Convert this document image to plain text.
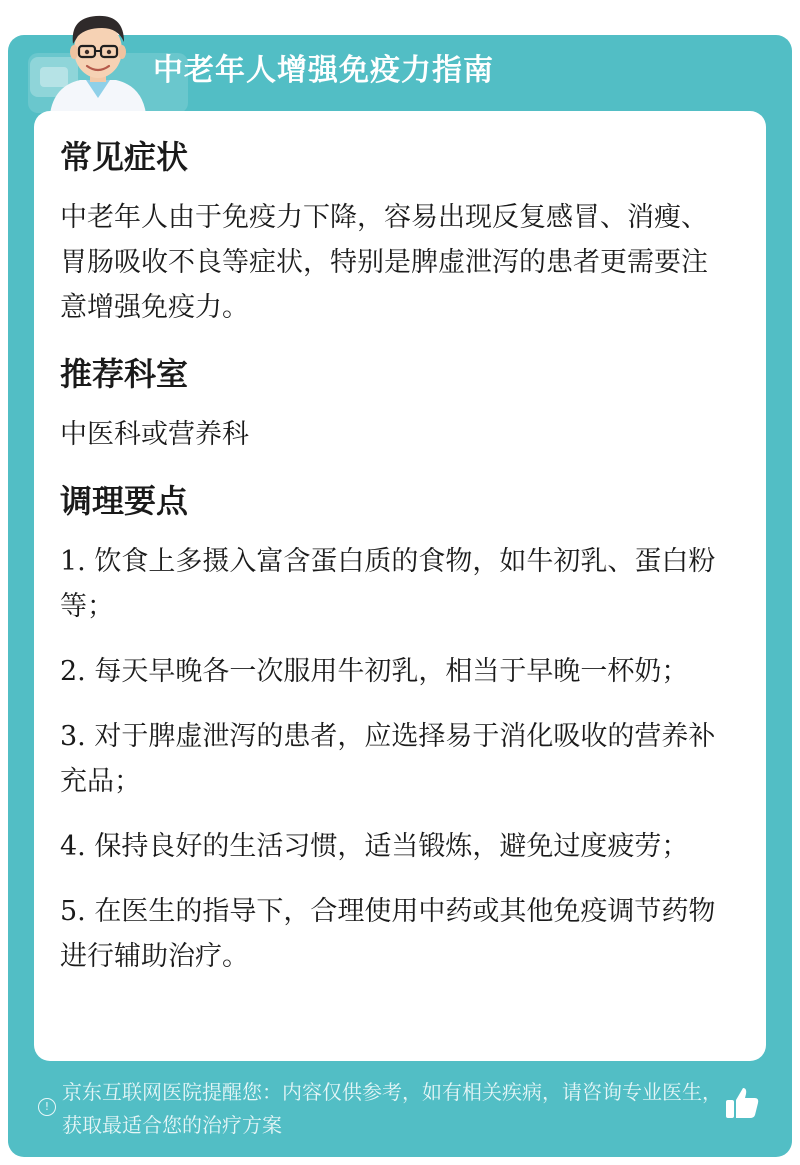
中老年人增强免疫力指南
常见症状
中老年人由于免疫力下降，容易出现反复感冒、消瘦、胃肠吸收不良等症状，特别是脾虚泄泻的患者更需要注意增强免疫力。
推荐科室
中医科或营养科
调理要点
1. 饮食上多摄入富含蛋白质的食物，如牛初乳、蛋白粉等；
2. 每天早晚各一次服用牛初乳，相当于早晚一杯奶；
3. 对于脾虚泄泻的患者，应选择易于消化吸收的营养补充品；
4. 保持良好的生活习惯，适当锻炼，避免过度疲劳；
5. 在医生的指导下，合理使用中药或其他免疫调节药物进行辅助治疗。
!
京东互联网医院提醒您：内容仅供参考，如有相关疾病，请咨询专业医生，获取最适合您的治疗方案
